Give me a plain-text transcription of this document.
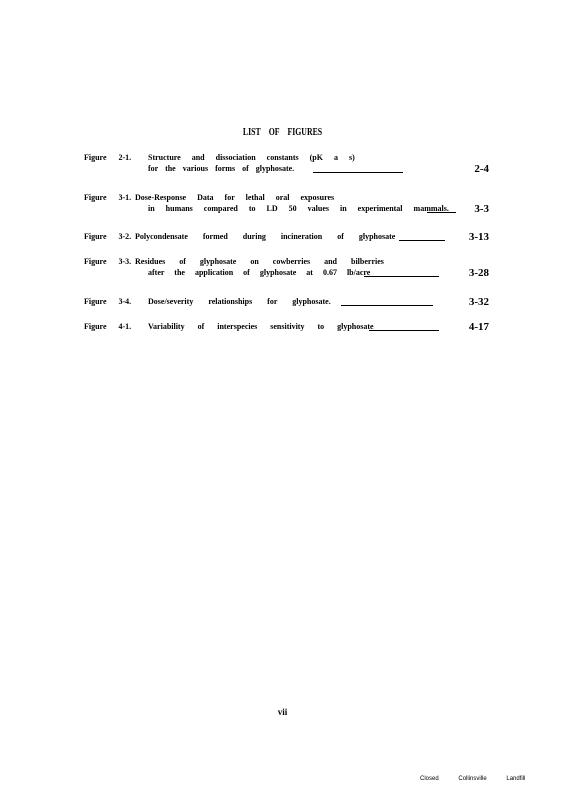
LIST OF FIGURES
Figure 2-1. Structure and dissociation constants (pK a s)
for the various forms of glyphosate.	2-4
Figure 3-1. Dose-Response Data for lethal oral exposures
in humans compared to LD 50 values in experimental mammals. 3-3
Figure 3-2. Polycondensate formed during incineration of glyphosate	3-13
Figure 3-3. Residues of glyphosate on cowberries and bilberries
after the application of glyphosate at 0.67 lb/acre	3-28
Figure 3-4. Dose/severity relationships for glyphosate.	3-32
Figure 4-1. Variability of interspecies sensitivity to glyphosate	4-17
vii
Closed	Collinsville	Landfill
